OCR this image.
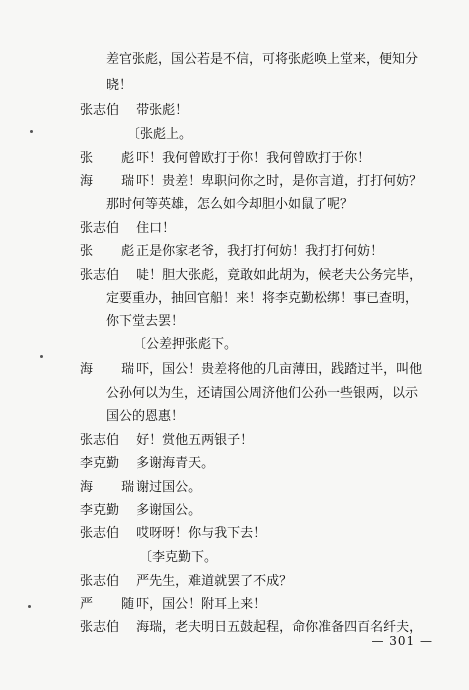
差官张彪，国公若是不信，可将张彪唤上堂来，便知分
晓！
张志伯 带张彪！
〔张彪上。
张 彪 吓！我何曾欧打于你！我何曾欧打于你！
海 瑞 吓！贵差！卑职问你之时，是你言道，打打何妨？
那时何等英雄，怎么如今却胆小如鼠了呢？
张志伯 住口！
张 彪 正是你家老爷，我打打何妨！我打打何妨！
张志伯 唗！胆大张彪，竟敢如此胡为，候老夫公务完毕，
定要重办，抽回官船！来！将李克勤松绑！事已查明，
你下堂去罢！
〔公差押张彪下。
海 瑞 吓，国公！贵差将他的几亩薄田，践踏过半，叫他
公孙何以为生，还请国公周济他们公孙一些银两，以示
国公的恩惠！
张志伯 好！赏他五两银子！
李克勤 多谢海青天。
海 瑞 谢过国公。
李克勤 多谢国公。
张志伯 哎呀呀！你与我下去！
〔李克勤下。
张志伯 严先生，难道就罢了不成？
严 随 吓，国公！附耳上来！
张志伯 海瑞，老夫明日五鼓起程，命你准备四百名纤夫，
— 301 —
